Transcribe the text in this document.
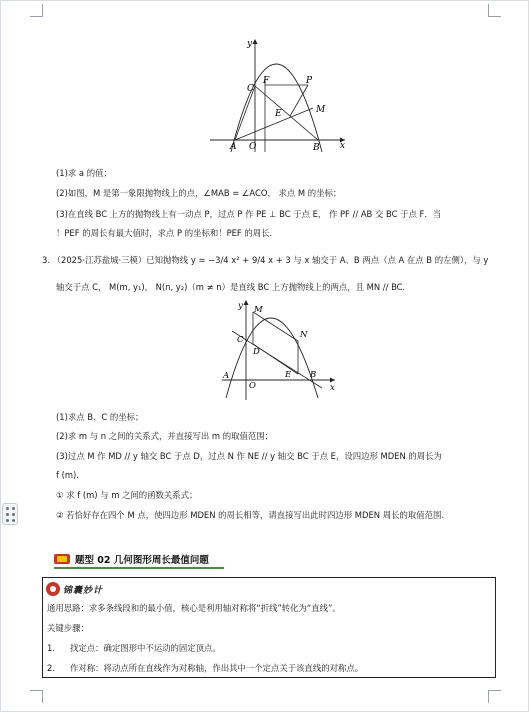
y
x
C
F	P
M
E
A O	B
(1)求 a 的值；
(2)如图，M 是第一象限抛物线上的点，∠MAB = ∠ACO， 求点 M 的坐标；
(3)在直线 BC 上方的抛物线上有一动点 P，过点 P 作 PE ⊥ BC 于点 E， 作 PF // AB 交 BC 于点 F．当
！PEF 的周长有最大值时，求点 P 的坐标和！PEF 的周长．
3. （2025·江苏盐城·三模）已知抛物线 y = −3/4 x² + 9/4 x + 3 与 x 轴交于 A、B 两点（点 A 在点 B 的左侧），与 y
轴交于点 C， M(m, y₁)， N(n, y₂)（m ≠ n）是直线 BC 上方抛物线上的两点，且 MN // BC．
y
x
M
N
C
D
A
O
E B
(1)求点 B、C 的坐标；
(2)求 m 与 n 之间的关系式，并直接写出 m 的取值范围；
(3)过点 M 作 MD // y 轴交 BC 于点 D，过点 N 作 NE // y 轴交 BC 于点 E，设四边形 MDEN 的周长为
f (m).
① 求 f (m) 与 m 之间的函数关系式；
② 若恰好存在四个 M 点，使四边形 MDEN 的周长相等，请直接写出此时四边形 MDEN 周长的取值范围.
题型 02 几何图形周长最值问题
锦囊妙计
通用思路：求多条线段和的最小值，核心是利用轴对称将“折线”转化为“直线”。
关键步骤：
1. 找定点：确定图形中不运动的固定顶点。
2. 作对称：将动点所在直线作为对称轴，作出其中一个定点关于该直线的对称点。
